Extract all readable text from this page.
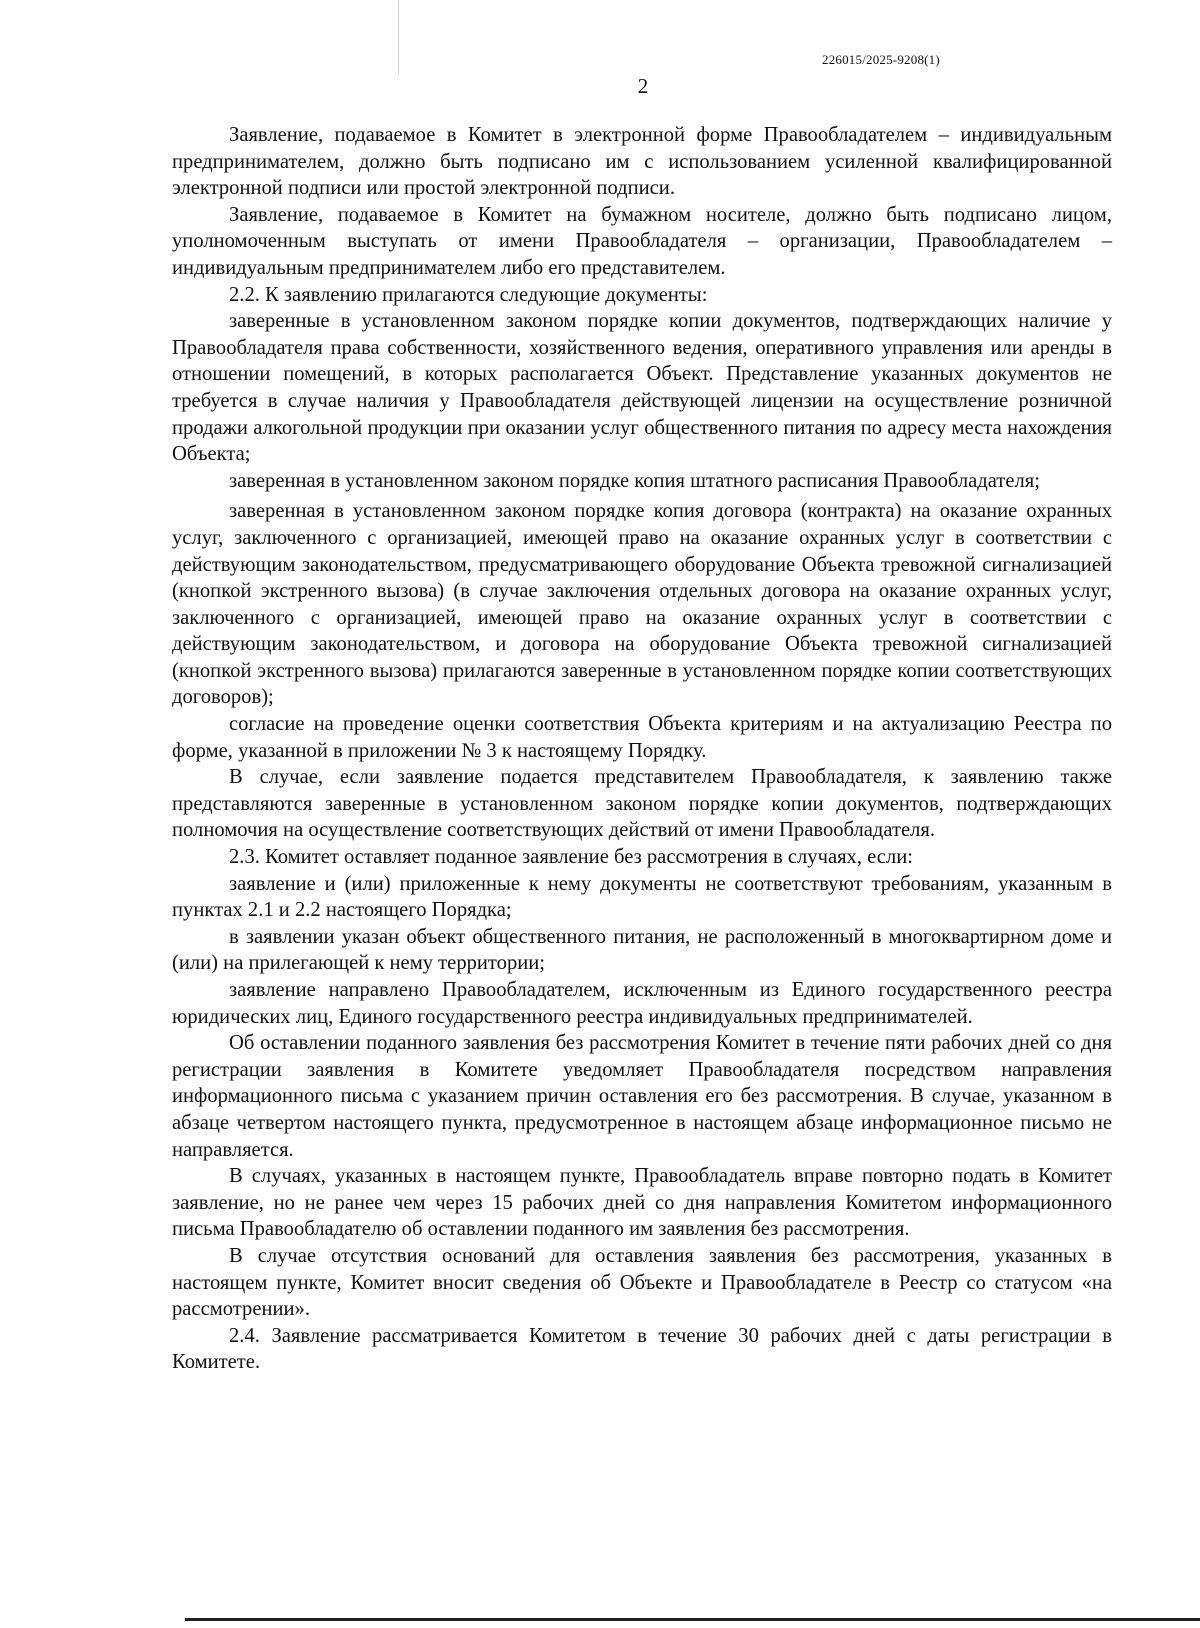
226015/2025-9208(1)
2

Заявление, подаваемое в Комитет в электронной форме Правообладателем – индивидуальным предпринимателем, должно быть подписано им с использованием усиленной квалифицированной электронной подписи или простой электронной подписи.

Заявление, подаваемое в Комитет на бумажном носителе, должно быть подписано лицом, уполномоченным выступать от имени Правообладателя – организации, Правообладателем – индивидуальным предпринимателем либо его представителем.

2.2. К заявлению прилагаются следующие документы:

заверенные в установленном законом порядке копии документов, подтверждающих наличие у Правообладателя права собственности, хозяйственного ведения, оперативного управления или аренды в отношении помещений, в которых располагается Объект. Представление указанных документов не требуется в случае наличия у Правообладателя действующей лицензии на осуществление розничной продажи алкогольной продукции при оказании услуг общественного питания по адресу места нахождения Объекта;

заверенная в установленном законом порядке копия штатного расписания Правообладателя;

заверенная в установленном законом порядке копия договора (контракта) на оказание охранных услуг, заключенного с организацией, имеющей право на оказание охранных услуг в соответствии с действующим законодательством, предусматривающего оборудование Объекта тревожной сигнализацией (кнопкой экстренного вызова) (в случае заключения отдельных договора на оказание охранных услуг, заключенного с организацией, имеющей право на оказание охранных услуг в соответствии с действующим законодательством, и договора на оборудование Объекта тревожной сигнализацией (кнопкой экстренного вызова) прилагаются заверенные в установленном порядке копии соответствующих договоров);

согласие на проведение оценки соответствия Объекта критериям и на актуализацию Реестра по форме, указанной в приложении № 3 к настоящему Порядку.

В случае, если заявление подается представителем Правообладателя, к заявлению также представляются заверенные в установленном законом порядке копии документов, подтверждающих полномочия на осуществление соответствующих действий от имени Правообладателя.

2.3. Комитет оставляет поданное заявление без рассмотрения в случаях, если:

заявление и (или) приложенные к нему документы не соответствуют требованиям, указанным в пунктах 2.1 и 2.2 настоящего Порядка;

в заявлении указан объект общественного питания, не расположенный в многоквартирном доме и (или) на прилегающей к нему территории;

заявление направлено Правообладателем, исключенным из Единого государственного реестра юридических лиц, Единого государственного реестра индивидуальных предпринимателей.

Об оставлении поданного заявления без рассмотрения Комитет в течение пяти рабочих дней со дня регистрации заявления в Комитете уведомляет Правообладателя посредством направления информационного письма с указанием причин оставления его без рассмотрения. В случае, указанном в абзаце четвертом настоящего пункта, предусмотренное в настоящем абзаце информационное письмо не направляется.

В случаях, указанных в настоящем пункте, Правообладатель вправе повторно подать в Комитет заявление, но не ранее чем через 15 рабочих дней со дня направления Комитетом информационного письма Правообладателю об оставлении поданного им заявления без рассмотрения.

В случае отсутствия оснований для оставления заявления без рассмотрения, указанных в настоящем пункте, Комитет вносит сведения об Объекте и Правообладателе в Реестр со статусом «на рассмотрении».

2.4. Заявление рассматривается Комитетом в течение 30 рабочих дней с даты регистрации в Комитете.
